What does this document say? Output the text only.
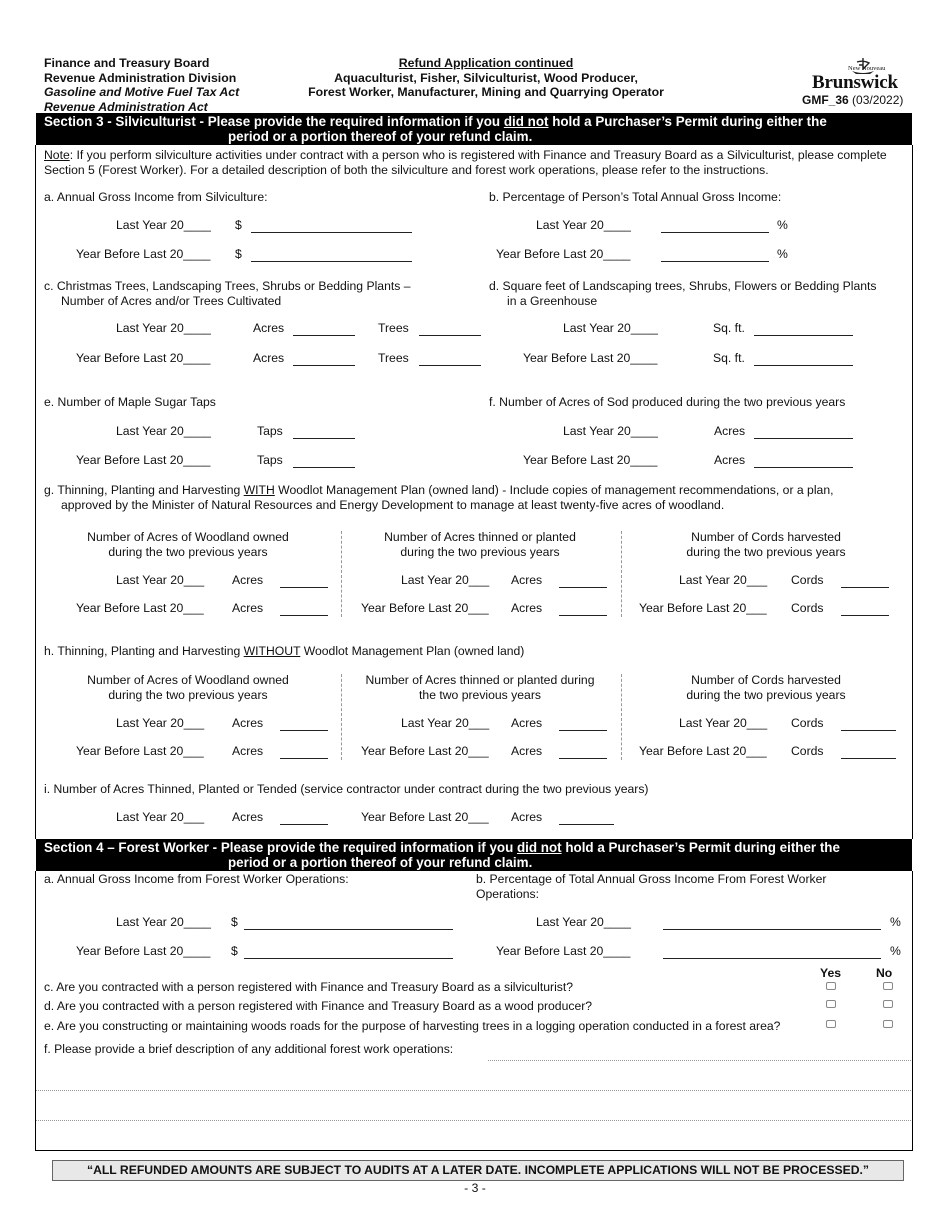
Finance and Treasury Board
Revenue Administration Division
Gasoline and Motive Fuel Tax Act
Revenue Administration Act
Refund Application continued
Aquaculturist, Fisher, Silviculturist, Wood Producer,
Forest Worker, Manufacturer, Mining and Quarrying Operator
New Nouveau
Brunswick
GMF_36 (03/2022)
Section 3 - Silviculturist - Please provide the required information if you did not hold a Purchaser’s Permit during either the
period or a portion thereof of your refund claim.
Note: If you perform silviculture activities under contract with a person who is registered with Finance and Treasury Board as a Silviculturist, please complete
Section 5 (Forest Worker). For a detailed description of both the silviculture and forest work operations, please refer to the instructions.
a. Annual Gross Income from Silviculture:	b. Percentage of Person’s Total Annual Gross Income:
Last Year 20____ $	Last Year 20____	%
Year Before Last 20____ $	Year Before Last 20____	%
c. Christmas Trees, Landscaping Trees, Shrubs or Bedding Plants –
Number of Acres and/or Trees Cultivated
d. Square feet of Landscaping trees, Shrubs, Flowers or Bedding Plants
in a Greenhouse
Last Year 20____	Acres	Trees	Last Year 20____	Sq. ft.
Year Before Last 20____	Acres	Trees	Year Before Last 20____	Sq. ft.
e. Number of Maple Sugar Taps	f. Number of Acres of Sod produced during the two previous years
Last Year 20____	Taps	Last Year 20____	Acres
Year Before Last 20____	Taps	Year Before Last 20____	Acres
g. Thinning, Planting and Harvesting WITH Woodlot Management Plan (owned land) - Include copies of management recommendations, or a plan,
approved by the Minister of Natural Resources and Energy Development to manage at least twenty-five acres of woodland.
Number of Acres of Woodland owned
during the two previous years
Number of Acres thinned or planted
during the two previous years
Number of Cords harvested
during the two previous years
Last Year 20___ Acres	Last Year 20___ Acres	Last Year 20___ Cords
Year Before Last 20___ Acres	Year Before Last 20___ Acres	Year Before Last 20___ Cords
h. Thinning, Planting and Harvesting WITHOUT Woodlot Management Plan (owned land)
Number of Acres of Woodland owned
during the two previous years
Number of Acres thinned or planted during
the two previous years
Number of Cords harvested
during the two previous years
Last Year 20___ Acres	Last Year 20___ Acres	Last Year 20___ Cords
Year Before Last 20___ Acres	Year Before Last 20___ Acres	Year Before Last 20___ Cords
i. Number of Acres Thinned, Planted or Tended (service contractor under contract during the two previous years)
Last Year 20___ Acres	Year Before Last 20___ Acres
Section 4 – Forest Worker - Please provide the required information if you did not hold a Purchaser’s Permit during either the
period or a portion thereof of your refund claim.
a. Annual Gross Income from Forest Worker Operations:	b. Percentage of Total Annual Gross Income From Forest Worker
Operations:
Last Year 20____ $	Last Year 20____	%
Year Before Last 20____ $	Year Before Last 20____	%
Yes	No
c. Are you contracted with a person registered with Finance and Treasury Board as a silviculturist?
d. Are you contracted with a person registered with Finance and Treasury Board as a wood producer?
e. Are you constructing or maintaining woods roads for the purpose of harvesting trees in a logging operation conducted in a forest area?
f. Please provide a brief description of any additional forest work operations:
“ALL REFUNDED AMOUNTS ARE SUBJECT TO AUDITS AT A LATER DATE. INCOMPLETE APPLICATIONS WILL NOT BE PROCESSED.”
- 3 -
